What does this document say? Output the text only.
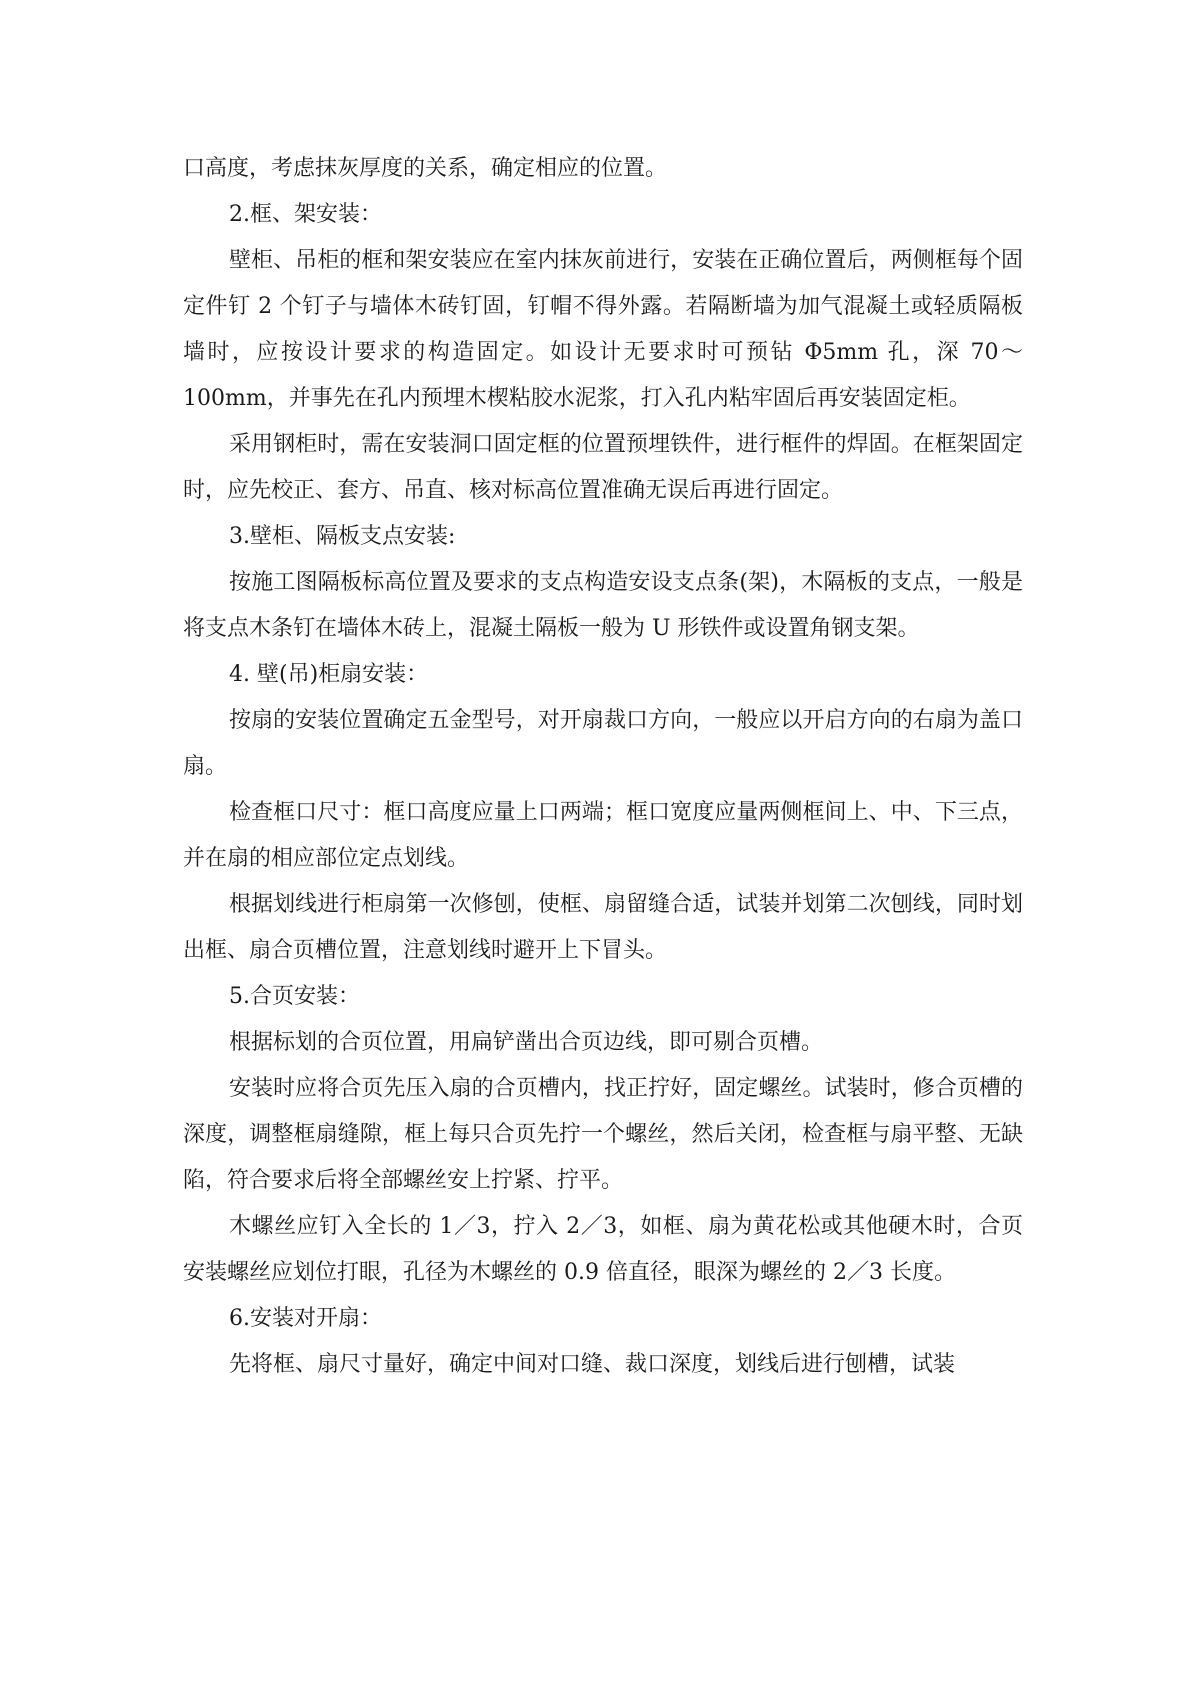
口高度，考虑抹灰厚度的关系，确定相应的位置。

2.框、架安装：

壁柜、吊柜的框和架安装应在室内抹灰前进行，安装在正确位置后，两侧框每个固定件钉 2 个钉子与墙体木砖钉固，钉帽不得外露。若隔断墙为加气混凝土或轻质隔板墙时，应按设计要求的构造固定。如设计无要求时可预钻 Φ5mm 孔，深 70～100mm，并事先在孔内预埋木楔粘胶水泥浆，打入孔内粘牢固后再安装固定柜。

采用钢柜时，需在安装洞口固定框的位置预埋铁件，进行框件的焊固。在框架固定时，应先校正、套方、吊直、核对标高位置准确无误后再进行固定。

3.壁柜、隔板支点安装:

按施工图隔板标高位置及要求的支点构造安设支点条(架)，木隔板的支点，一般是将支点木条钉在墙体木砖上，混凝土隔板一般为 U 形铁件或设置角钢支架。

4. 壁(吊)柜扇安装：

按扇的安装位置确定五金型号，对开扇裁口方向，一般应以开启方向的右扇为盖口扇。

检查框口尺寸：框口高度应量上口两端；框口宽度应量两侧框间上、中、下三点，并在扇的相应部位定点划线。

根据划线进行柜扇第一次修刨，使框、扇留缝合适，试装并划第二次刨线，同时划出框、扇合页槽位置，注意划线时避开上下冒头。

5.合页安装：

根据标划的合页位置，用扁铲凿出合页边线，即可剔合页槽。

安装时应将合页先压入扇的合页槽内，找正拧好，固定螺丝。试装时，修合页槽的深度，调整框扇缝隙，框上每只合页先拧一个螺丝，然后关闭，检查框与扇平整、无缺陷，符合要求后将全部螺丝安上拧紧、拧平。

木螺丝应钉入全长的 1／3，拧入 2／3，如框、扇为黄花松或其他硬木时，合页安装螺丝应划位打眼，孔径为木螺丝的 0.9 倍直径，眼深为螺丝的 2／3 长度。

6.安装对开扇：

先将框、扇尺寸量好，确定中间对口缝、裁口深度，划线后进行刨槽，试装
